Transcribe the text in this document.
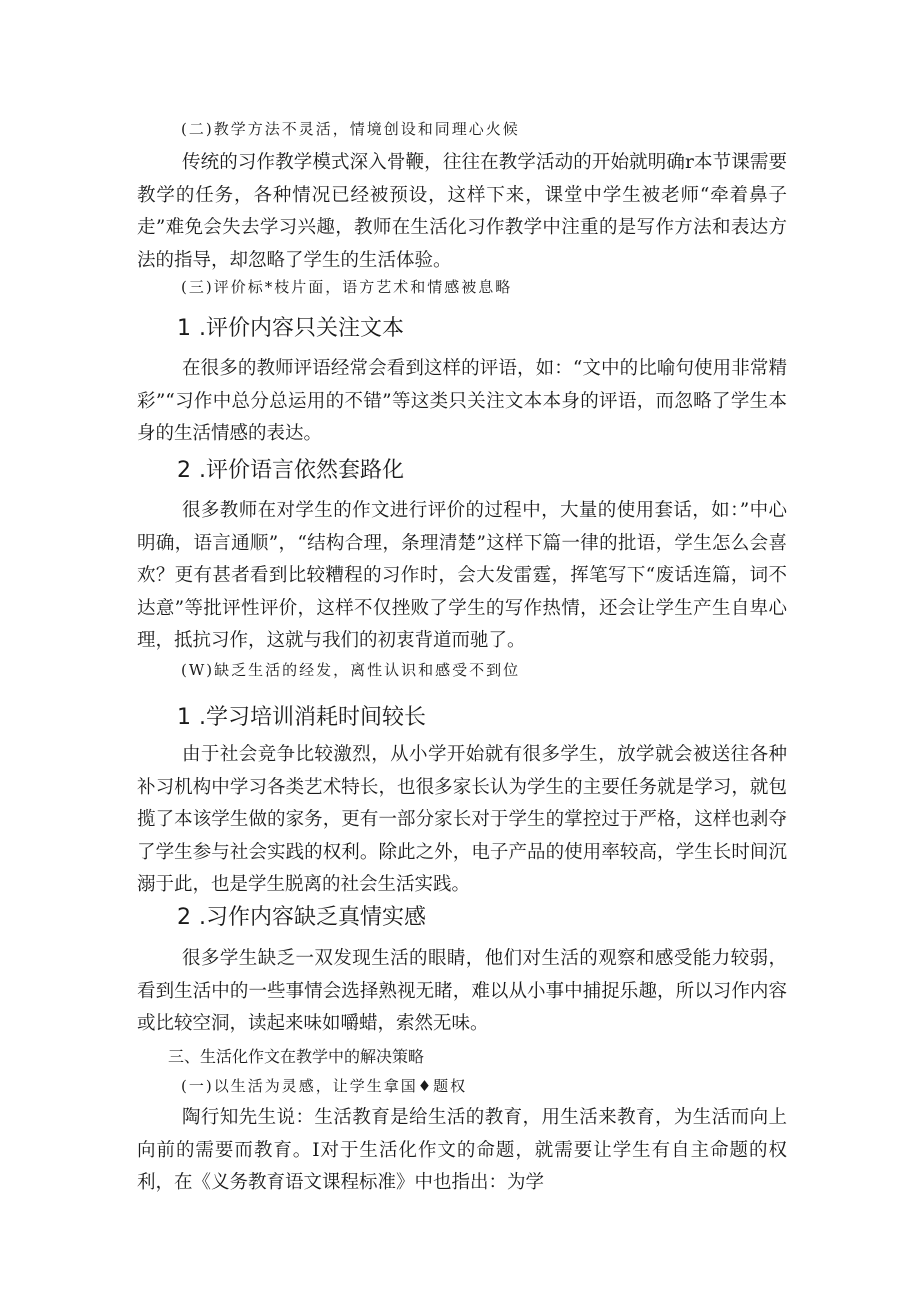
(二)教学方法不灵活，情境创设和同理心火候

传统的习作教学模式深入骨鞭，往往在教学活动的开始就明确r本节课需要教学的任务，各种情况已经被预设，这样下来，课堂中学生被老师“牵着鼻子走”难免会失去学习兴趣，教师在生活化习作教学中注重的是写作方法和表达方法的指导，却忽略了学生的生活体验。

(三)评价标*枝片面，语方艺术和情感被息略

1 .评价内容只关注文本

在很多的教师评语经常会看到这样的评语，如：“文中的比喻句使用非常精彩”“习作中总分总运用的不错”等这类只关注文本本身的评语，而忽略了学生本身的生活情感的表达。

2 .评价语言依然套路化

很多教师在对学生的作文进行评价的过程中，大量的使用套话，如：”中心明确，语言通顺”，“结构合理，条理清楚”这样下篇一律的批语，学生怎么会喜欢？更有甚者看到比较糟程的习作时，会大发雷霆，挥笔写下“废话连篇，词不达意”等批评性评价，这样不仅挫败了学生的写作热情，还会让学生产生自卑心理，抵抗习作，这就与我们的初衷背道而驰了。

(W)缺乏生活的经发，离性认识和感受不到位

1 .学习培训消耗时间较长

由于社会竞争比较激烈，从小学开始就有很多学生，放学就会被送往各种补习机构中学习各类艺术特长，也很多家长认为学生的主要任务就是学习，就包揽了本该学生做的家务，更有一部分家长对于学生的掌控过于严格，这样也剥夺了学生参与社会实践的权利。除此之外，电子产品的使用率较高，学生长时间沉溺于此，也是学生脱离的社会生活实践。

2 .习作内容缺乏真情实感

很多学生缺乏一双发现生活的眼睛，他们对生活的观察和感受能力较弱，看到生活中的一些事情会选择熟视无睹，难以从小事中捕捉乐趣，所以习作内容或比较空洞，读起来味如嚼蜡，索然无味。

三、生活化作文在教学中的解决策略

(一)以生活为灵感，让学生拿国♦题权

陶行知先生说：生活教育是给生活的教育，用生活来教育，为生活而向上向前的需要而教育。I对于生活化作文的命题，就需要让学生有自主命题的权利，在《义务教育语文课程标准》中也指出：为学
